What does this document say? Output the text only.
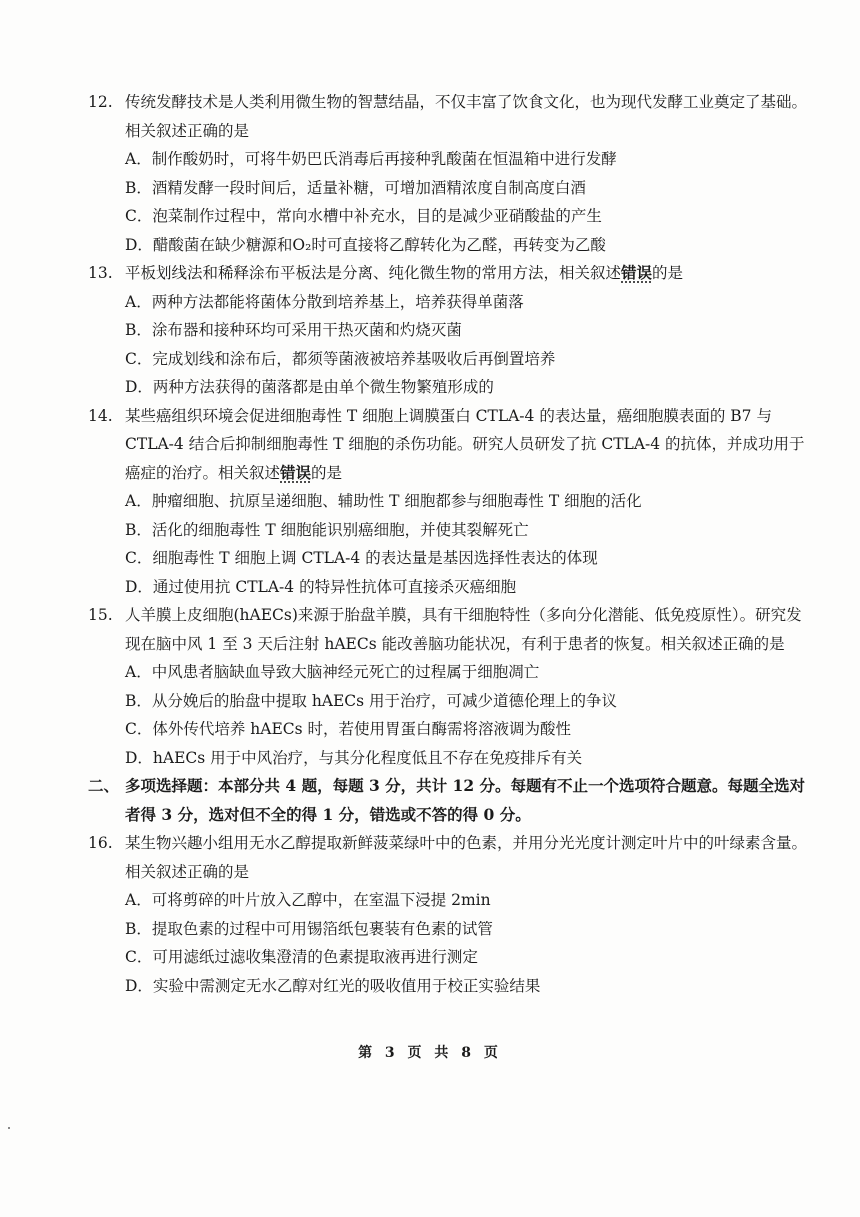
12. 传统发酵技术是人类利用微生物的智慧结晶，不仅丰富了饮食文化，也为现代发酵工业奠定了基础。相关叙述正确的是
A．制作酸奶时，可将牛奶巴氏消毒后再接种乳酸菌在恒温箱中进行发酵
B．酒精发酵一段时间后，适量补糖，可增加酒精浓度自制高度白酒
C．泡菜制作过程中，常向水槽中补充水，目的是减少亚硝酸盐的产生
D．醋酸菌在缺少糖源和O₂时可直接将乙醇转化为乙醛，再转变为乙酸
13. 平板划线法和稀释涂布平板法是分离、纯化微生物的常用方法，相关叙述错误的是
A．两种方法都能将菌体分散到培养基上，培养获得单菌落
B．涂布器和接种环均可采用干热灭菌和灼烧灭菌
C．完成划线和涂布后，都须等菌液被培养基吸收后再倒置培养
D．两种方法获得的菌落都是由单个微生物繁殖形成的
14. 某些癌组织环境会促进细胞毒性 T 细胞上调膜蛋白 CTLA-4 的表达量，癌细胞膜表面的 B7 与 CTLA-4 结合后抑制细胞毒性 T 细胞的杀伤功能。研究人员研发了抗 CTLA-4 的抗体，并成功用于癌症的治疗。相关叙述错误的是
A．肿瘤细胞、抗原呈递细胞、辅助性 T 细胞都参与细胞毒性 T 细胞的活化
B．活化的细胞毒性 T 细胞能识别癌细胞，并使其裂解死亡
C．细胞毒性 T 细胞上调 CTLA-4 的表达量是基因选择性表达的体现
D．通过使用抗 CTLA-4 的特异性抗体可直接杀灭癌细胞
15. 人羊膜上皮细胞(hAECs)来源于胎盘羊膜，具有干细胞特性（多向分化潜能、低免疫原性）。研究发现在脑中风 1 至 3 天后注射 hAECs 能改善脑功能状况，有利于患者的恢复。相关叙述正确的是
A．中风患者脑缺血导致大脑神经元死亡的过程属于细胞凋亡
B．从分娩后的胎盘中提取 hAECs 用于治疗，可减少道德伦理上的争议
C．体外传代培养 hAECs 时，若使用胃蛋白酶需将溶液调为酸性
D．hAECs 用于中风治疗，与其分化程度低且不存在免疫排斥有关
二、 多项选择题：本部分共 4 题，每题 3 分，共计 12 分。每题有不止一个选项符合题意。每题全选对者得 3 分，选对但不全的得 1 分，错选或不答的得 0 分。
16. 某生物兴趣小组用无水乙醇提取新鲜菠菜绿叶中的色素，并用分光光度计测定叶片中的叶绿素含量。相关叙述正确的是
A．可将剪碎的叶片放入乙醇中，在室温下浸提 2min
B．提取色素的过程中可用锡箔纸包裹装有色素的试管
C．可用滤纸过滤收集澄清的色素提取液再进行测定
D．实验中需测定无水乙醇对红光的吸收值用于校正实验结果
第 3 页 共 8 页
